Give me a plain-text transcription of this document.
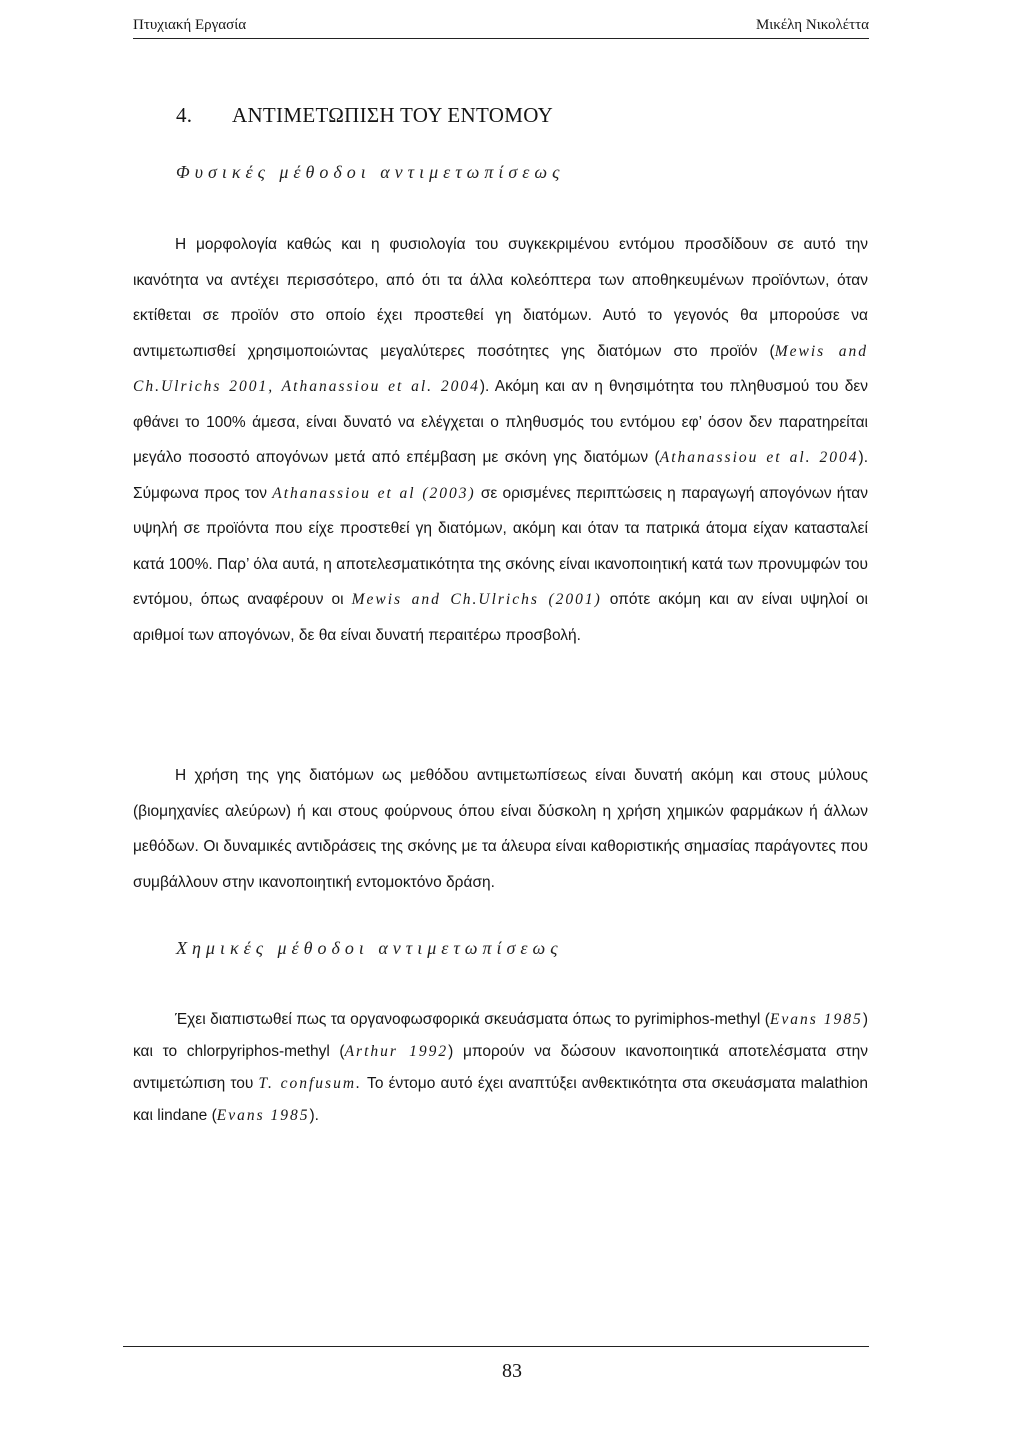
Πτυχιακή Εργασία	Μικέλη Νικολέττα
4. ΑΝΤΙΜΕΤΩΠΙΣΗ ΤΟΥ ΕΝΤΟΜΟΥ
Φυσικές μέθοδοι αντιμετωπίσεως

Η μορφολογία καθώς και η φυσιολογία του συγκεκριμένου εντόμου προσδίδουν σε αυτό την ικανότητα να αντέχει περισσότερο, από ότι τα άλλα κολεόπτερα των αποθηκευμένων προϊόντων, όταν εκτίθεται σε προϊόν στο οποίο έχει προστεθεί γη διατόμων. Αυτό το γεγονός θα μπορούσε να αντιμετωπισθεί χρησιμοποιώντας μεγαλύτερες ποσότητες γης διατόμων στο προϊόν (Mewis and Ch.Ulrichs 2001, Athanassiou et al. 2004). Ακόμη και αν η θνησιμότητα του πληθυσμού του δεν φθάνει το 100% άμεσα, είναι δυνατό να ελέγχεται ο πληθυσμός του εντόμου εφ’ όσον δεν παρατηρείται μεγάλο ποσοστό απογόνων μετά από επέμβαση με σκόνη γης διατόμων (Athanassiou et al. 2004). Σύμφωνα προς τον Athanassiou et al (2003) σε ορισμένες περιπτώσεις η παραγωγή απογόνων ήταν υψηλή σε προϊόντα που είχε προστεθεί γη διατόμων, ακόμη και όταν τα πατρικά άτομα είχαν κατασταλεί κατά 100%. Παρ’ όλα αυτά, η αποτελεσματικότητα της σκόνης είναι ικανοποιητική κατά των προνυμφών του εντόμου, όπως αναφέρουν οι Mewis and Ch.Ulrichs (2001) οπότε ακόμη και αν είναι υψηλοί οι αριθμοί των απογόνων, δε θα είναι δυνατή περαιτέρω προσβολή.

Η χρήση της γης διατόμων ως μεθόδου αντιμετωπίσεως είναι δυνατή ακόμη και στους μύλους (βιομηχανίες αλεύρων) ή και στους φούρνους όπου είναι δύσκολη η χρήση χημικών φαρμάκων ή άλλων μεθόδων. Οι δυναμικές αντιδράσεις της σκόνης με τα άλευρα είναι καθοριστικής σημασίας παράγοντες που συμβάλλουν στην ικανοποιητική εντομοκτόνο δράση.

Χημικές μέθοδοι αντιμετωπίσεως

Έχει διαπιστωθεί πως τα οργανοφωσφορικά σκευάσματα όπως το pyrimiphos-methyl (Evans 1985) και το chlorpyriphos-methyl (Arthur 1992) μπορούν να δώσουν ικανοποιητικά αποτελέσματα στην αντιμετώπιση του T. confusum. Το έντομο αυτό έχει αναπτύξει ανθεκτικότητα στα σκευάσματα malathion και lindane (Evans 1985).

83
